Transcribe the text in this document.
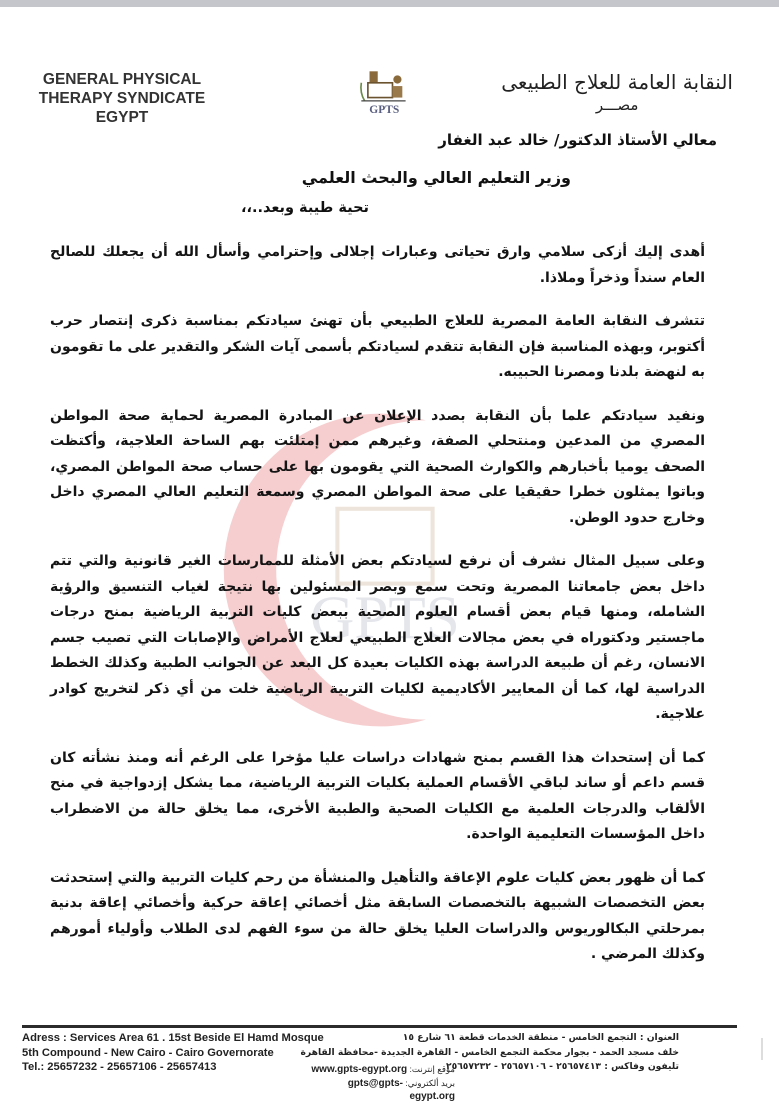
GPTS
GENERAL PHYSICAL
THERAPY SYNDICATE
EGYPT	GPTS
النقابة العامة للعلاج الطبيعى
مصـــر
معالي الأستاذ الدكتور/ خالد عبد الغفار
وزير التعليم العالي والبحث العلمي
تحية طيبة وبعد..،،

أهدى إليك أزكى سلامي وارق تحياتى وعبارات إجلالى وإحترامي وأسأل الله أن يجعلك للصالح العام سنداً وذخراً وملاذا.

تتشرف النقابة العامة المصرية للعلاج الطبيعي بأن تهنئ سيادتكم بمناسبة ذكرى إنتصار حرب أكتوبر، وبهذه المناسبة فإن النقابة تتقدم لسيادتكم بأسمى آيات الشكر والتقدير على ما تقومون به لنهضة بلدنا ومصرنا الحبيبه.

ونفيد سيادتكم علما بأن النقابة بصدد الإعلان عن المبادرة المصرية لحماية صحة المواطن المصري من المدعين ومنتحلي الصفة، وغيرهم ممن إمتلئت بهم الساحة العلاجية، وأكتظت الصحف يوميا بأخبارهم والكوارث الصحية التي يقومون بها على حساب صحة المواطن المصري، وباتوا يمثلون خطرا حقيقيا على صحة المواطن المصري وسمعة التعليم العالي المصري داخل وخارج حدود الوطن.

وعلى سبيل المثال نشرف أن نرفع لسيادتكم بعض الأمثلة للممارسات الغير قانونية والتي تتم داخل بعض جامعاتنا المصرية وتحت سمع وبصر المسئولين بها نتيجة لغياب التنسيق والرؤية الشامله، ومنها قيام بعض أقسام العلوم الصحية ببعض كليات التربية الرياضية بمنح درجات ماجستير ودكتوراه في بعض مجالات العلاج الطبيعي لعلاج الأمراض والإصابات التي تصيب جسم الانسان، رغم أن طبيعة الدراسة بهذه الكليات بعيدة كل البعد عن الجوانب الطبية وكذلك الخطط الدراسية لها، كما أن المعايير الأكاديمية لكليات التربية الرياضية خلت من أي ذكر لتخريج كوادر علاجية.

كما أن إستحداث هذا القسم بمنح شهادات دراسات عليا مؤخرا على الرغم أنه ومنذ نشأته كان قسم داعم أو ساند لباقي الأقسام العملية بكليات التربية الرياضية، مما يشكل إزدواجية في منح الألقاب والدرجات العلمية مع الكليات الصحية والطبية الأخرى، مما يخلق حالة من الاضطراب داخل المؤسسات التعليمية الواحدة.

كما أن ظهور بعض كليات علوم الإعاقة والتأهيل والمنشأة من رحم كليات التربية والتي إستحدثت بعض التخصصات الشبيهة بالتخصصات السابقة مثل أخصائي إعاقة حركية وأخصائي إعاقة بدنية بمرحلتي البكالوريوس والدراسات العليا يخلق حالة من سوء الفهم لدى الطلاب وأولياء أمورهم وكذلك المرضي .

Adress : Services Area 61 . 15st Beside El Hamd Mosque
5th Compound - New Cairo - Cairo Governorate
Tel.: 25657232 - 25657106 - 25657413	موقع إنترنت: www.gpts-egypt.org
بريد ألكتروني: gpts@gpts-egypt.org
العنوان : التجمع الخامس - منطقة الخدمات قطعة ٦١ شارع ١٥
خلف مسجد الحمد - بجوار محكمة التجمع الخامس - القاهرة الجديدة -محافظة القاهرة
تليفون وفاكس : ٢٥٦٥٧٤١٣ - ٢٥٦٥٧١٠٦ - ٢٥٦٥٧٢٣٢
